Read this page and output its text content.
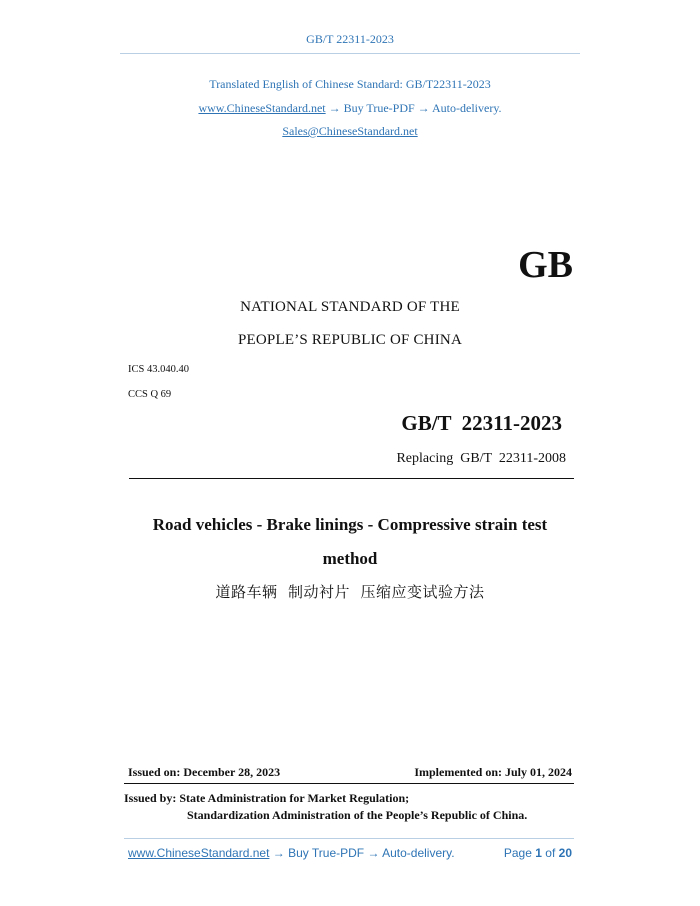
GB/T 22311-2023
Translated English of Chinese Standard: GB/T22311-2023
www.ChineseStandard.net → Buy True-PDF → Auto-delivery.
Sales@ChineseStandard.net
GB
NATIONAL STANDARD OF THE
PEOPLE’S REPUBLIC OF CHINA
ICS 43.040.40
CCS Q 69
GB/T  22311-2023
Replacing  GB/T  22311-2008
Road vehicles - Brake linings - Compressive strain test
method
道路车辆  制动衬片  压缩应变试验方法
Issued on: December 28, 2023	Implemented on: July 01, 2024
Issued by: State Administration for Market Regulation;
Standardization Administration of the People’s Republic of China.
www.ChineseStandard.net → Buy True-PDF → Auto-delivery.	Page 1 of 20
